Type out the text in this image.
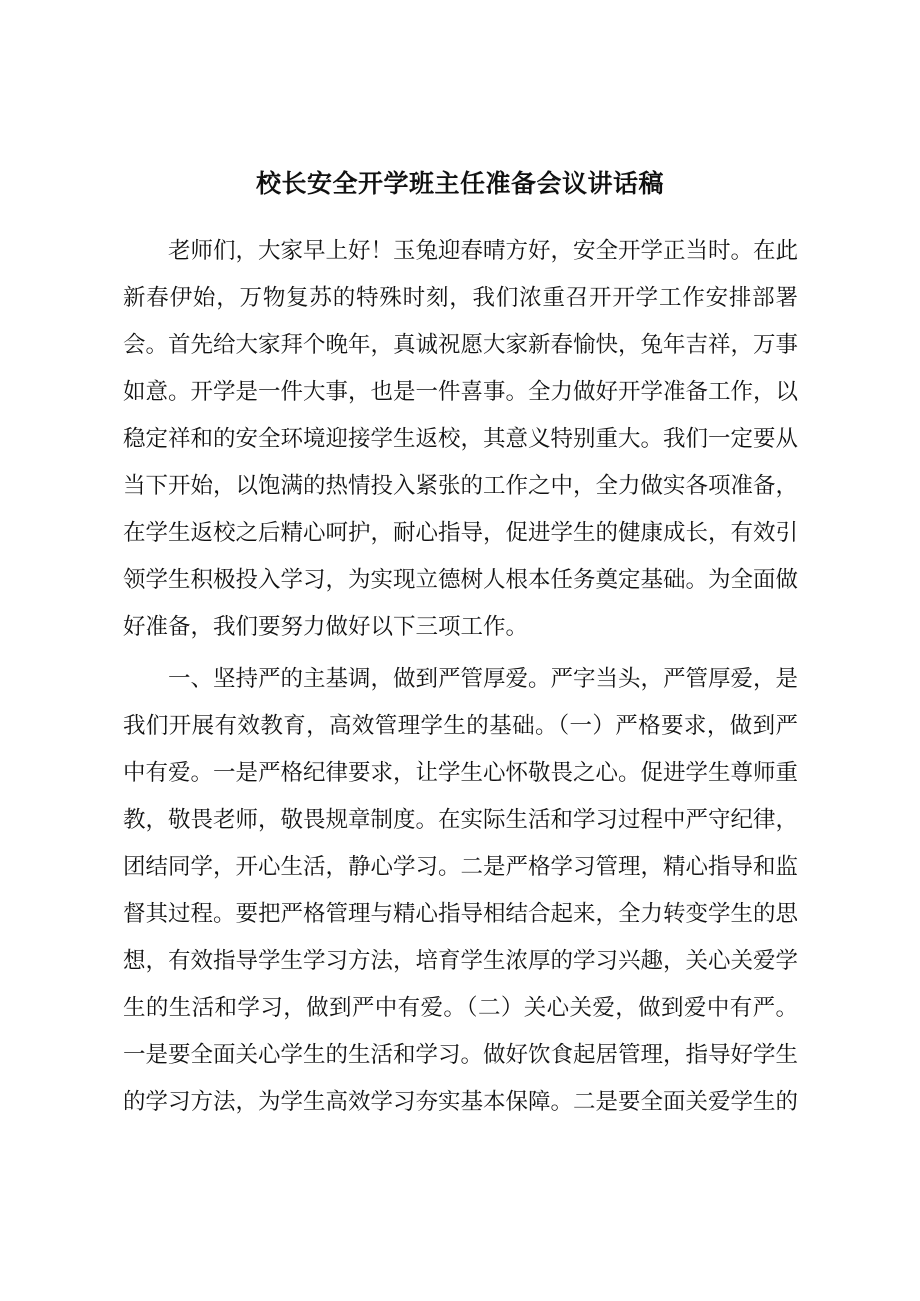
校长安全开学班主任准备会议讲话稿

老师们，大家早上好！玉兔迎春晴方好，安全开学正当时。在此新春伊始，万物复苏的特殊时刻，我们浓重召开开学工作安排部署会。首先给大家拜个晚年，真诚祝愿大家新春愉快，兔年吉祥，万事如意。开学是一件大事，也是一件喜事。全力做好开学准备工作，以稳定祥和的安全环境迎接学生返校，其意义特别重大。我们一定要从当下开始，以饱满的热情投入紧张的工作之中，全力做实各项准备，在学生返校之后精心呵护，耐心指导，促进学生的健康成长，有效引领学生积极投入学习，为实现立德树人根本任务奠定基础。为全面做好准备，我们要努力做好以下三项工作。

一、坚持严的主基调，做到严管厚爱。严字当头，严管厚爱，是我们开展有效教育，高效管理学生的基础。（一）严格要求，做到严中有爱。一是严格纪律要求，让学生心怀敬畏之心。促进学生尊师重教，敬畏老师，敬畏规章制度。在实际生活和学习过程中严守纪律，团结同学，开心生活，静心学习。二是严格学习管理，精心指导和监督其过程。要把严格管理与精心指导相结合起来，全力转变学生的思想，有效指导学生学习方法，培育学生浓厚的学习兴趣，关心关爱学生的生活和学习，做到严中有爱。（二）关心关爱，做到爱中有严。一是要全面关心学生的生活和学习。做好饮食起居管理，指导好学生的学习方法，为学生高效学习夯实基本保障。二是要全面关爱学生的
